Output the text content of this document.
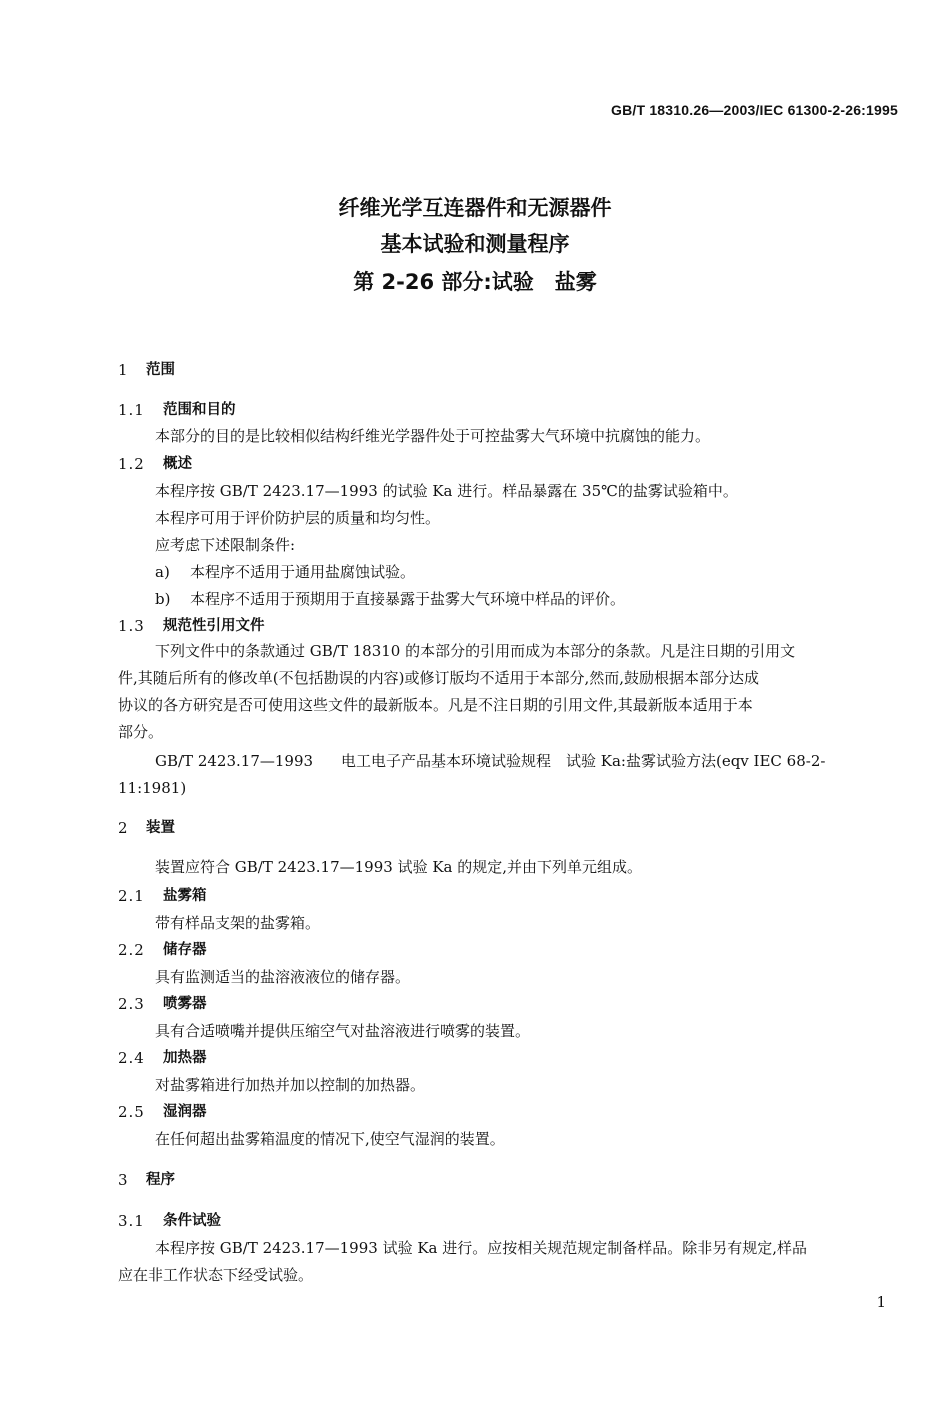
GB/T 18310.26—2003/IEC 61300-2-26:1995
纤维光学互连器件和无源器件
基本试验和测量程序
第 2-26 部分:试验　盐雾
1 范围
1.1 范围和目的
本部分的目的是比较相似结构纤维光学器件处于可控盐雾大气环境中抗腐蚀的能力。
1.2 概述
本程序按 GB/T 2423.17—1993 的试验 Ka 进行。样品暴露在 35℃的盐雾试验箱中。
本程序可用于评价防护层的质量和均匀性。
应考虑下述限制条件:
a) 本程序不适用于通用盐腐蚀试验。
b) 本程序不适用于预期用于直接暴露于盐雾大气环境中样品的评价。
1.3 规范性引用文件
下列文件中的条款通过 GB/T 18310 的本部分的引用而成为本部分的条款。凡是注日期的引用文
件,其随后所有的修改单(不包括勘误的内容)或修订版均不适用于本部分,然而,鼓励根据本部分达成
协议的各方研究是否可使用这些文件的最新版本。凡是不注日期的引用文件,其最新版本适用于本
部分。
GB/T 2423.17—1993 电工电子产品基本环境试验规程　试验 Ka:盐雾试验方法(eqv IEC 68-2-
11:1981)
2 装置
装置应符合 GB/T 2423.17—1993 试验 Ka 的规定,并由下列单元组成。
2.1 盐雾箱
带有样品支架的盐雾箱。
2.2 储存器
具有监测适当的盐溶液液位的储存器。
2.3 喷雾器
具有合适喷嘴并提供压缩空气对盐溶液进行喷雾的装置。
2.4 加热器
对盐雾箱进行加热并加以控制的加热器。
2.5 湿润器
在任何超出盐雾箱温度的情况下,使空气湿润的装置。
3 程序
3.1 条件试验
本程序按 GB/T 2423.17—1993 试验 Ka 进行。应按相关规范规定制备样品。除非另有规定,样品
应在非工作状态下经受试验。
1
